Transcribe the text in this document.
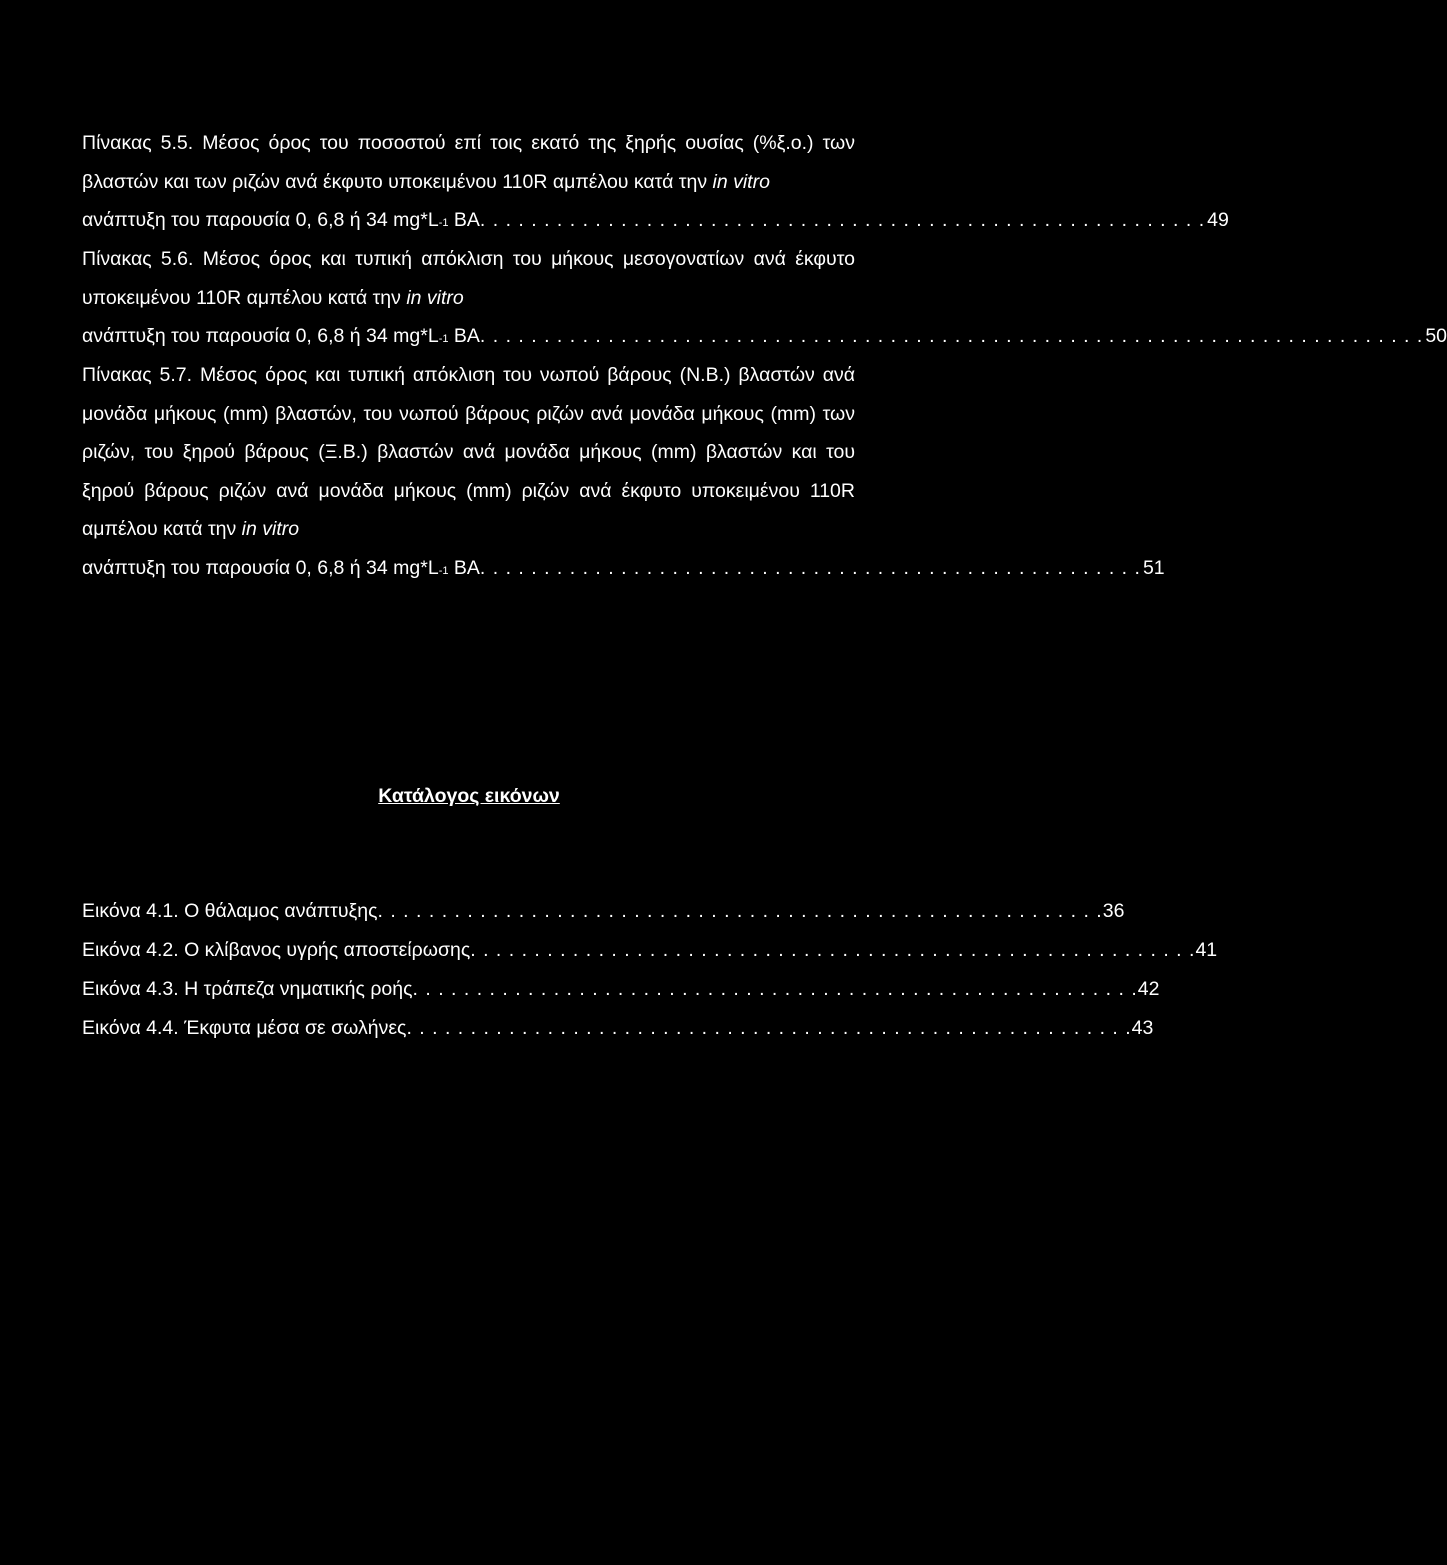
Πίνακας 5.5. Μέσος όρος του ποσοστού επί τοις εκατό της ξηρής ουσίας (%ξ.ο.) των βλαστών και των ριζών ανά έκφυτο υποκειμένου 110R αμπέλου κατά την in vitro

ανάπτυξη του παρουσία 0, 6,8 ή 34 mg*L -1
ΒΑ . . . . . . . . . . . . . . . . . . . . . . . . . . . . . . . . . . . . . . . . . . . . . . . . . . . . . . . . . 49

Πίνακας 5.6. Μέσος όρος και τυπική απόκλιση του μήκους μεσογονατίων ανά έκφυτο υποκειμένου 110R αμπέλου κατά την in vitro

ανάπτυξη του παρουσία 0, 6,8 ή 34 mg*L -1
ΒΑ . . . . . . . . . . . . . . . . . . . . . . . . . . . . . . . . . . . . . . . . . . . . . . . . . . . . . . . . . . . . . . . . . . . . . . . . . . 50

Πίνακας 5.7. Μέσος όρος και τυπική απόκλιση του νωπού βάρους (Ν.Β.) βλαστών ανά μονάδα μήκους (mm) βλαστών, του νωπού βάρους ριζών ανά μονάδα μήκους (mm) των ριζών, του ξηρού βάρους (Ξ.Β.) βλαστών ανά μονάδα μήκους (mm) βλαστών και του ξηρού βάρους ριζών ανά μονάδα μήκους (mm) ριζών ανά έκφυτο υποκειμένου 110R αμπέλου κατά την in vitro

ανάπτυξη του παρουσία 0, 6,8 ή 34 mg*L -1
ΒΑ . . . . . . . . . . . . . . . . . . . . . . . . . . . . . . . . . . . . . . . . . . . . . . . . . . . . 51
Κατάλογος εικόνων
Εικόνα 4.1.
Ο θάλαμος ανάπτυξης . . . . . . . . . . . . . . . . . . . . . . . . . . . . . . . . . . . . . . . . . . . . . . . . . . . . . . . . . 36
Εικόνα 4.2.
Ο κλίβανος υγρής αποστείρωσης . . . . . . . . . . . . . . . . . . . . . . . . . . . . . . . . . . . . . . . . . . . . . . . . . . . . . . . . . 41
Εικόνα 4.3.
Η τράπεζα νηματικής ροής . . . . . . . . . . . . . . . . . . . . . . . . . . . . . . . . . . . . . . . . . . . . . . . . . . . . . . . . . 42
Εικόνα 4.4.
Έκφυτα μέσα σε σωλήνες . . . . . . . . . . . . . . . . . . . . . . . . . . . . . . . . . . . . . . . . . . . . . . . . . . . . . . . . . 43
